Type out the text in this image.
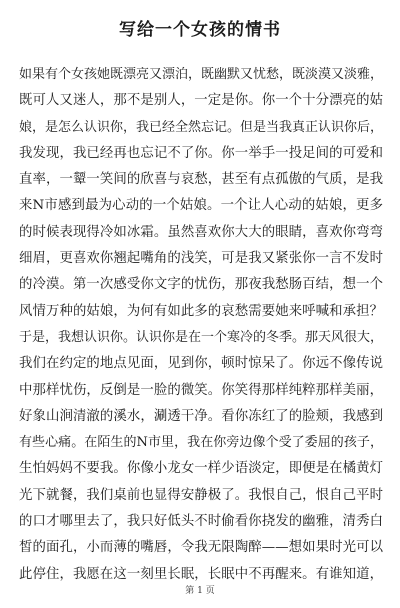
写给一个女孩的情书
如果有个女孩她既漂亮又漂泊，既幽默又忧愁，既淡漠又淡雅，
既可人又迷人，那不是别人，一定是你。你一个十分漂亮的姑
娘，是怎么认识你，我已经全然忘记。但是当我真正认识你后，
我发现，我已经再也忘记不了你。你一举手一投足间的可爱和
直率，一颦一笑间的欣喜与哀愁，甚至有点孤傲的气质，是我
来N市感到最为心动的一个姑娘。一个让人心动的姑娘，更多
的时候表现得冷如冰霜。虽然喜欢你大大的眼睛，喜欢你弯弯
细眉，更喜欢你翘起嘴角的浅笑，可是我又紧张你一言不发时
的冷漠。第一次感受你文字的忧伤，那夜我愁肠百结，想一个
风情万种的姑娘，为何有如此多的哀愁需要她来呼喊和承担？
于是，我想认识你。认识你是在一个寒冷的冬季。那天风很大，
我们在约定的地点见面，见到你，顿时惊呆了。你远不像传说
中那样忧伤，反倒是一脸的微笑。你笑得那样纯粹那样美丽，
好象山涧清澈的溪水，涮透干净。看你冻红了的脸颊，我感到
有些心痛。在陌生的N市里，我在你旁边像个受了委屈的孩子，
生怕妈妈不要我。你像小龙女一样少语淡定，即便是在橘黄灯
光下就餐，我们桌前也显得安静极了。我恨自己，恨自己平时
的口才哪里去了，我只好低头不时偷看你挠发的幽雅，清秀白
皙的面孔，小而薄的嘴唇，令我无限陶醉——想如果时光可以
此停住，我愿在这一刻里长眠，长眠中不再醒来。有谁知道，
第 1 页
